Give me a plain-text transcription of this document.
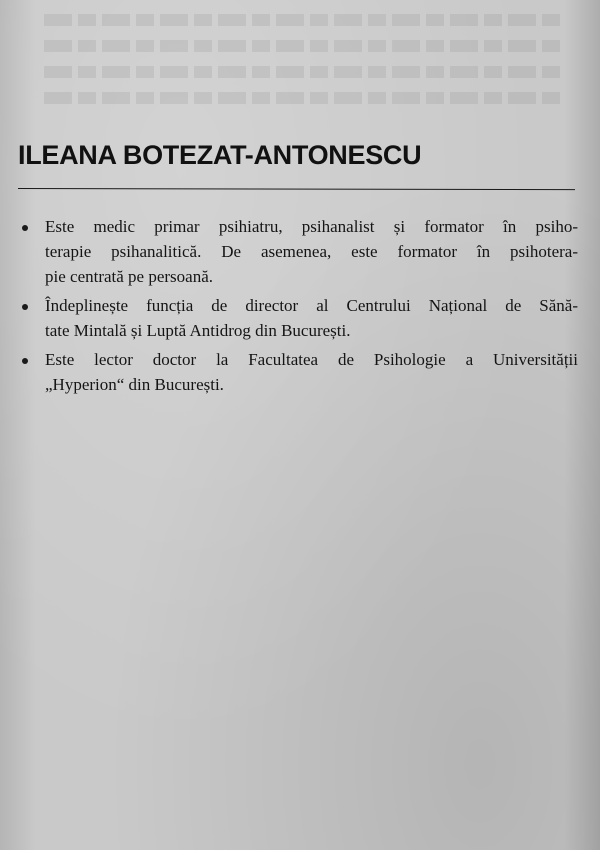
ILEANA BOTEZAT-ANTONESCU
Este medic primar psihiatru, psihanalist și formator în psiho-
terapie psihanalitică. De asemenea, este formator în psihotera-
pie centrată pe persoană.
Îndeplinește funcția de director al Centrului Național de Sănă-
tate Mintală și Luptă Antidrog din București.
Este lector doctor la Facultatea de Psihologie a Universității
„Hyperion“ din București.
